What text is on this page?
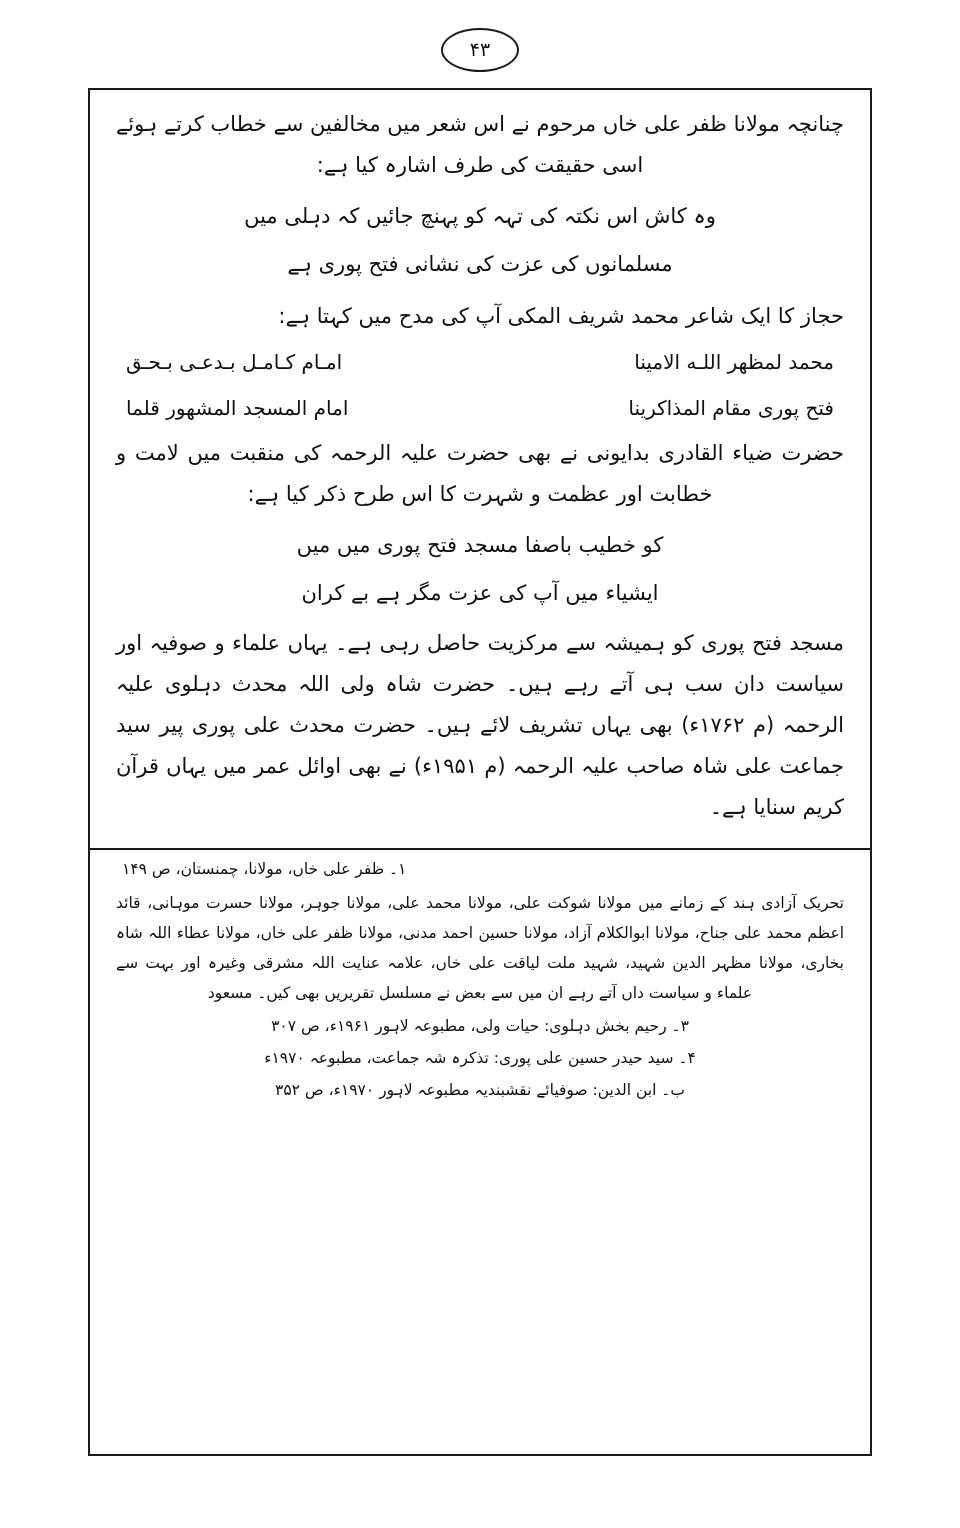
۴۳

چنانچہ مولانا ظفر علی خاں مرحوم نے اس شعر میں مخالفین سے خطاب کرتے ہوئے اسی حقیقت کی طرف اشارہ کیا ہے:

وہ کاش اس نکتہ کی تہہ کو پہنچ جائیں کہ دہلی میں
مسلمانوں کی عزت کی نشانی فتح پوری ہے

حجاز کا ایک شاعر محمد شریف المکی آپ کی مدح میں کہتا ہے:

محمد لمظهر اللـه الامینا
امـام کـامـل بـدعـی بـحـق
فتح پوری مقام المذاکرینا
امام المسجد المشهور قلما

حضرت ضیاء القادری بدایونی نے بھی حضرت علیہ الرحمہ کی منقبت میں لامت و خطابت اور عظمت و شہرت کا اس طرح ذکر کیا ہے:

کو خطیب باصفا مسجد فتح پوری میں میں
ایشیاء میں آپ کی عزت مگر ہے بے کران

مسجد فتح پوری کو ہمیشہ سے مرکزیت حاصل رہی ہے۔ یہاں علماء و صوفیہ اور سیاست دان سب ہی آتے رہے ہیں۔ حضرت شاہ ولی اللہ محدث دہلوی علیہ الرحمہ (م ۱۷۶۲ء) بھی یہاں تشریف لائے ہیں۔ حضرت محدث علی پوری پیر سید جماعت علی شاہ صاحب علیہ الرحمہ (م ۱۹۵۱ء) نے بھی اوائل عمر میں یہاں قرآن کریم سنایا ہے۔

۱۔ ظفر علی خاں، مولانا، چمنستان، ص ۱۴۹

تحریک آزادی ہند کے زمانے میں مولانا شوکت علی، مولانا محمد علی، مولانا جوہر، مولانا حسرت موہانی، قائد اعظم محمد علی جناح، مولانا ابوالکلام آزاد، مولانا حسین احمد مدنی، مولانا ظفر علی خاں، مولانا عطاء اللہ شاہ بخاری، مولانا مظہر الدین شہید، شہید ملت لیاقت علی خاں، علامہ عنایت اللہ مشرقی وغیرہ اور بہت سے علماء و سیاست داں آتے رہے ان میں سے بعض نے مسلسل تقریریں بھی کیں۔ مسعود

۳۔ رحیم بخش دہلوی: حیات ولی، مطبوعہ لاہور ۱۹۶۱ء، ص ۳۰۷

۴۔ سید حیدر حسین علی پوری: تذکرہ شہ جماعت، مطبوعہ ۱۹۷۰ء

ب۔ ابن الدین: صوفیائے نقشبندیہ مطبوعہ لاہور ۱۹۷۰ء، ص ۳۵۲
